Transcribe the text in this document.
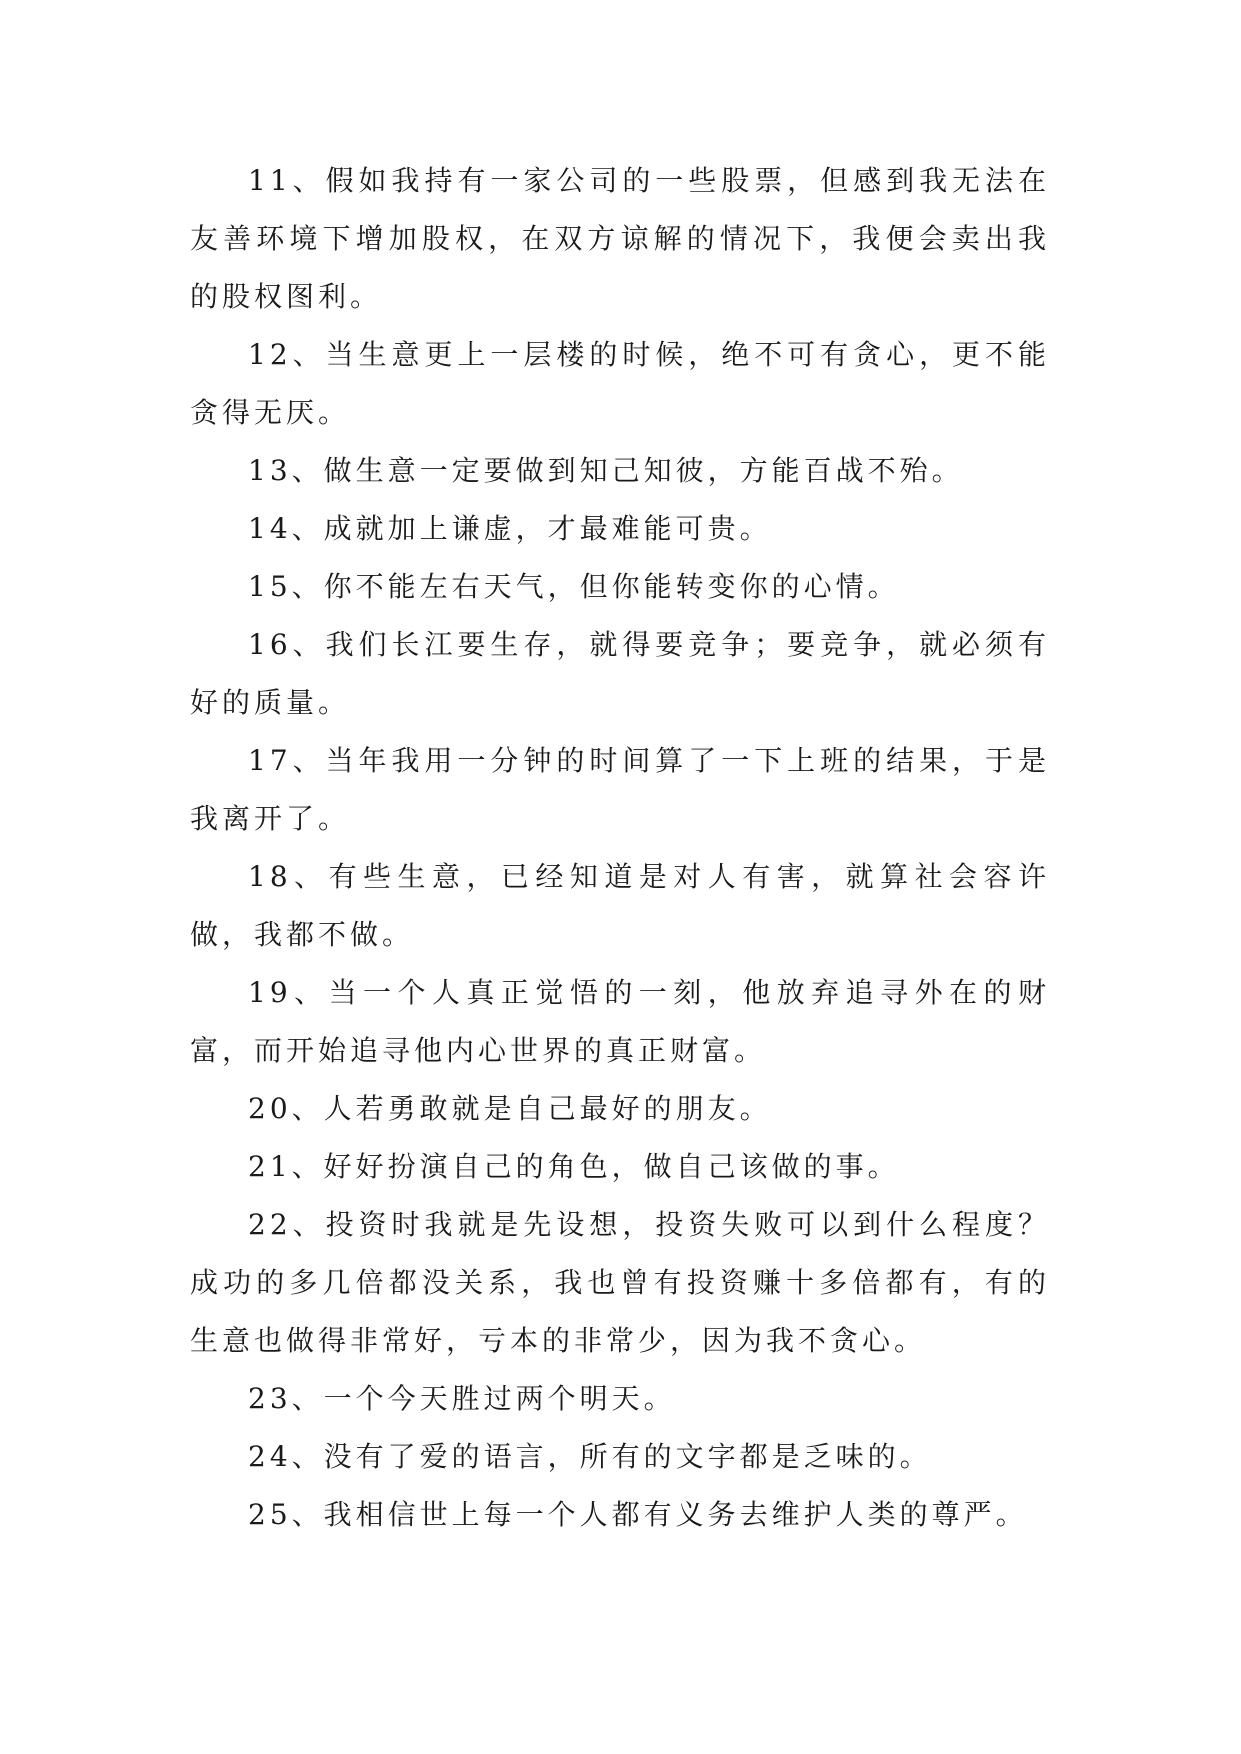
11、假如我持有一家公司的一些股票，但感到我无法在友善环境下增加股权，在双方谅解的情况下，我便会卖出我的股权图利。

12、当生意更上一层楼的时候，绝不可有贪心，更不能贪得无厌。

13、做生意一定要做到知己知彼，方能百战不殆。

14、成就加上谦虚，才最难能可贵。

15、你不能左右天气，但你能转变你的心情。

16、我们长江要生存，就得要竞争；要竞争，就必须有好的质量。

17、当年我用一分钟的时间算了一下上班的结果，于是我离开了。

18、有些生意，已经知道是对人有害，就算社会容许做，我都不做。

19、当一个人真正觉悟的一刻，他放弃追寻外在的财富，而开始追寻他内心世界的真正财富。

20、人若勇敢就是自己最好的朋友。

21、好好扮演自己的角色，做自己该做的事。

22、投资时我就是先设想，投资失败可以到什么程度？成功的多几倍都没关系，我也曾有投资赚十多倍都有，有的生意也做得非常好，亏本的非常少，因为我不贪心。

23、一个今天胜过两个明天。

24、没有了爱的语言，所有的文字都是乏味的。

25、我相信世上每一个人都有义务去维护人类的尊严。
